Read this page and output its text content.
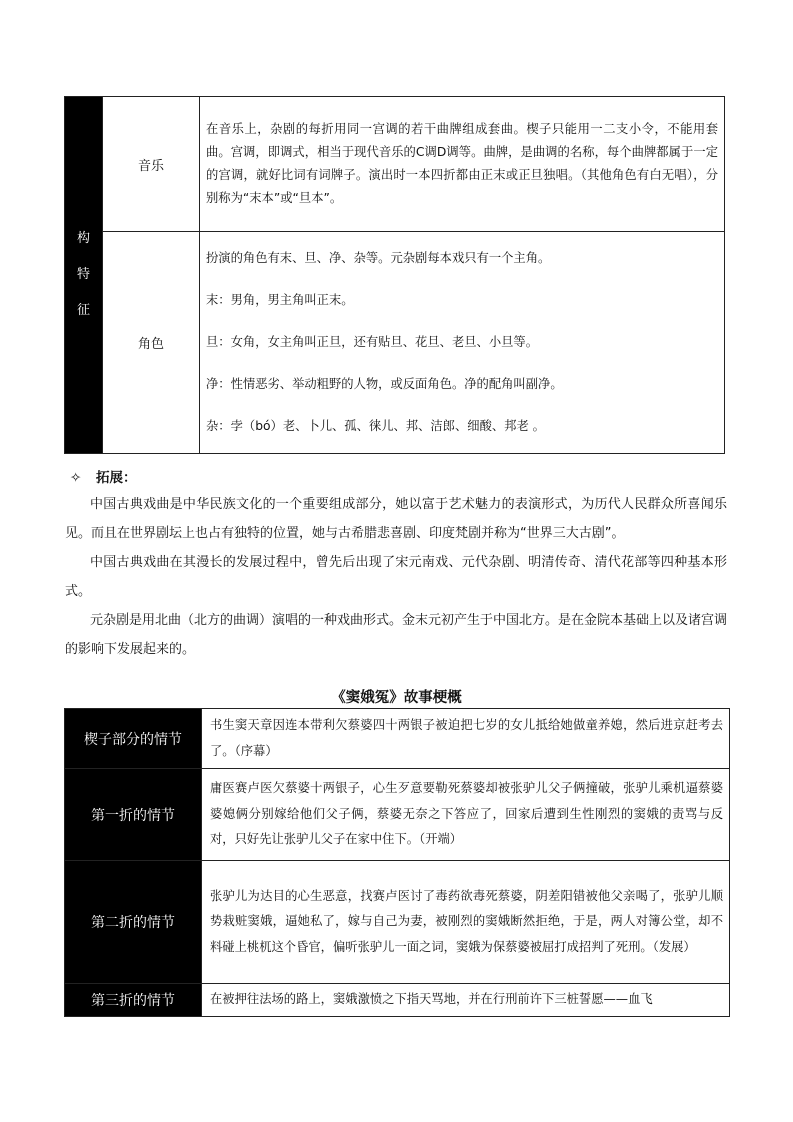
构
特
征	音乐	在音乐上，杂剧的每折用同一宫调的若干曲牌组成套曲。楔子只能用一二支小令，不能用套曲。宫调，即调式，相当于现代音乐的C调D调等。曲牌，是曲调的名称，每个曲牌都属于一定的宫调，就好比词有词牌子。演出时一本四折都由正末或正旦独唱。（其他角色有白无唱），分别称为“末本”或“旦本”。

	角色	扮演的角色有末、旦、净、杂等。元杂剧每本戏只有一个主角。

末：男角，男主角叫正末。

旦：女角，女主角叫正旦，还有贴旦、花旦、老旦、小旦等。

净：性情恶劣、举动粗野的人物，或反面角色。净的配角叫副净。

杂：孛（bó）老、卜儿、孤、徕儿、邦、洁郎、细酸、邦老 。

✧ 拓展：

中国古典戏曲是中华民族文化的一个重要组成部分，她以富于艺术魅力的表演形式，为历代人民群众所喜闻乐见。而且在世界剧坛上也占有独特的位置，她与古希腊悲喜剧、印度梵剧并称为“世界三大古剧”。

中国古典戏曲在其漫长的发展过程中，曾先后出现了宋元南戏、元代杂剧、明清传奇、清代花部等四种基本形式。

元杂剧是用北曲（北方的曲调）演唱的一种戏曲形式。金末元初产生于中国北方。是在金院本基础上以及诸宫调的影响下发展起来的。

《窦娥冤》故事梗概
楔子部分的情节	书生窦天章因连本带利欠蔡婆四十两银子被迫把七岁的女儿抵给她做童养媳，然后进京赶考去了。（序幕）
第一折的情节	庸医赛卢医欠蔡婆十两银子，心生歹意要勒死蔡婆却被张驴儿父子俩撞破，张驴儿乘机逼蔡婆婆媳俩分别嫁给他们父子俩，蔡婆无奈之下答应了，回家后遭到生性刚烈的窦娥的责骂与反对，只好先让张驴儿父子在家中住下。（开端）
第二折的情节	张驴儿为达目的心生恶意，找赛卢医讨了毒药欲毒死蔡婆，阴差阳错被他父亲喝了，张驴儿顺势栽赃窦娥，逼她私了，嫁与自己为妻，被刚烈的窦娥断然拒绝，于是，两人对簿公堂，却不料碰上桃杌这个昏官，偏听张驴儿一面之词，窦娥为保蔡婆被屈打成招判了死刑。（发展）
第三折的情节	在被押往法场的路上，窦娥激愤之下指天骂地，并在行刑前许下三桩誓愿——血飞
